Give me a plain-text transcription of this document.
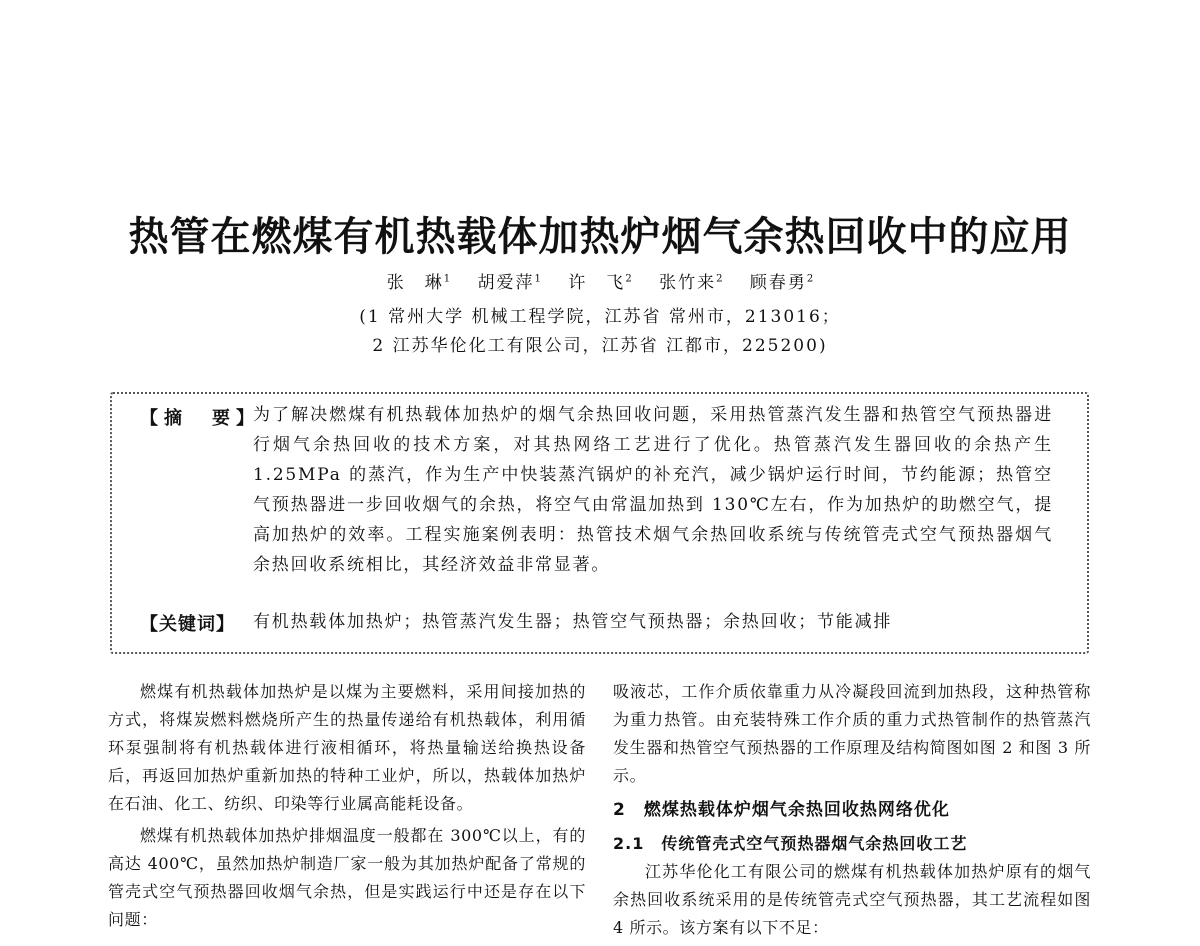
热管在燃煤有机热载体加热炉烟气余热回收中的应用
张　琳$^1$ 胡爱萍$^1$ 许　飞$^2$ 张竹来$^2$ 顾春勇$^2$
(1 常州大学 机械工程学院，江苏省 常州市，213016；
2 江苏华伦化工有限公司，江苏省 江都市，225200)
【摘　要】
为了解决燃煤有机热载体加热炉的烟气余热回收问题，采用热管蒸汽发生器和热管空气预热器进行烟气余热回收的技术方案，对其热网络工艺进行了优化。热管蒸汽发生器回收的余热产生 1.25MPa 的蒸汽，作为生产中快装蒸汽锅炉的补充汽，减少锅炉运行时间，节约能源；热管空气预热器进一步回收烟气的余热，将空气由常温加热到 130℃左右，作为加热炉的助燃空气，提高加热炉的效率。工程实施案例表明：热管技术烟气余热回收系统与传统管壳式空气预热器烟气余热回收系统相比，其经济效益非常显著。
【关键词】 有机热载体加热炉；热管蒸汽发生器；热管空气预热器；余热回收；节能减排

燃煤有机热载体加热炉是以煤为主要燃料，采用间接加热的方式，将煤炭燃料燃烧所产生的热量传递给有机热载体，利用循环泵强制将有机热载体进行液相循环，将热量输送给换热设备后，再返回加热炉重新加热的特种工业炉，所以，热载体加热炉在石油、化工、纺织、印染等行业属高能耗设备。

燃煤有机热载体加热炉排烟温度一般都在 300℃以上，有的高达 400℃，虽然加热炉制造厂家一般为其加热炉配备了常规的管壳式空气预热器回收烟气余热，但是实践运行中还是存在以下问题：

吸液芯，工作介质依靠重力从冷凝段回流到加热段，这种热管称为重力热管。由充装特殊工作介质的重力式热管制作的热管蒸汽发生器和热管空气预热器的工作原理及结构简图如图 2 和图 3 所示。

2　燃煤热载体炉烟气余热回收热网络优化
2.1　传统管壳式空气预热器烟气余热回收工艺

江苏华伦化工有限公司的燃煤有机热载体加热炉原有的烟气余热回收系统采用的是传统管壳式空气预热器，其工艺流程如图 4 所示。该方案有以下不足：
